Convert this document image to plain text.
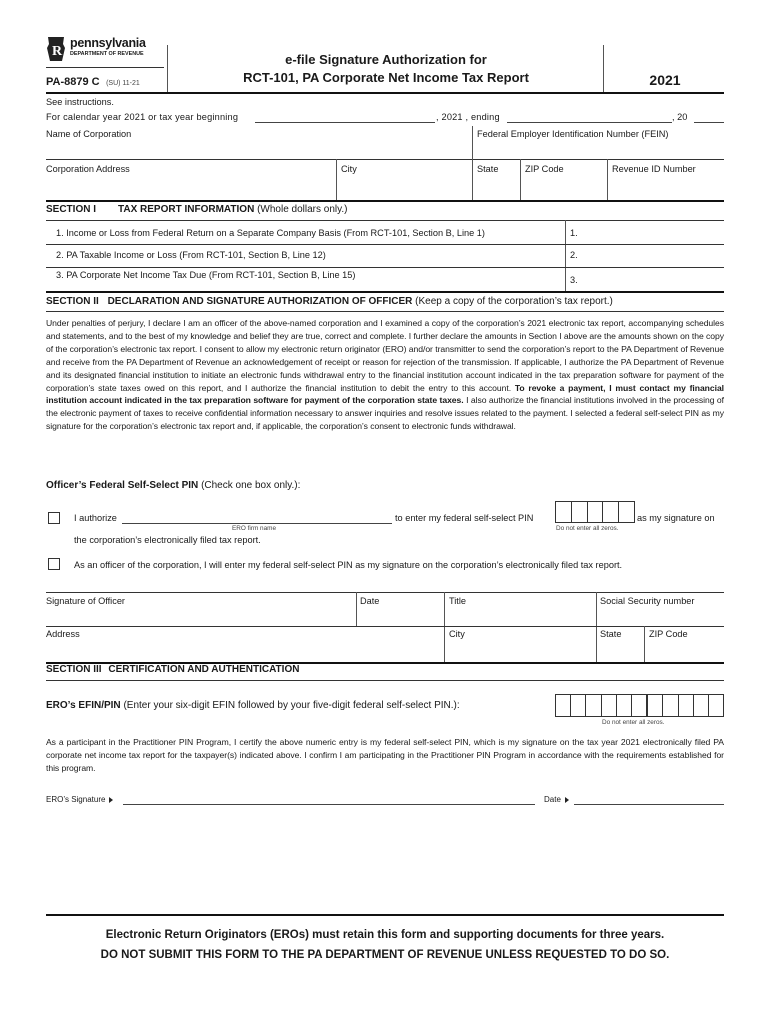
R
pennsylvania
DEPARTMENT OF REVENUE
PA-8879 C (SU) 11-21
e-file Signature Authorization for
RCT-101, PA Corporate Net Income Tax Report	2021
See instructions.
For calendar year 2021 or tax year beginning	, 2021 , ending	, 20
Name of Corporation	Federal Employer Identification Number (FEIN)
Corporation Address	City	State	ZIP Code	Revenue ID Number
SECTION I TAX REPORT INFORMATION (Whole dollars only.)
1. Income or Loss from Federal Return on a Separate Company Basis (From RCT-101, Section B, Line 1)	1.
2. PA Taxable Income or Loss (From RCT-101, Section B, Line 12)	2.
3. PA Corporate Net Income Tax Due (From RCT-101, Section B, Line 15)	3.
SECTION II DECLARATION AND SIGNATURE AUTHORIZATION OF OFFICER (Keep a copy of the corporation’s tax report.)
Under penalties of perjury, I declare I am an officer of the above-named corporation and I examined a copy of the corporation’s 2021 electronic tax report, accompanying schedules and statements, and to the best of my knowledge and belief they are true, correct and complete. I further declare the amounts in Section I above are the amounts shown on the copy of the corporation’s electronic tax report. I consent to allow my electronic return originator (ERO) and/or transmitter to send the corporation’s report to the PA Department of Revenue and receive from the PA Department of Revenue an acknowledgement of receipt or reason for rejection of the transmission. If applicable, I authorize the PA Department of Revenue and its designated financial institution to initiate an electronic funds withdrawal entry to the financial institution account indicated in the tax preparation software for payment of the corporation’s state taxes owed on this report, and I authorize the financial institution to debit the entry to this account. To revoke a payment, I must contact my financial institution account indicated in the tax preparation software for payment of the corporation state taxes. I also authorize the financial institutions involved in the processing of the electronic payment of taxes to receive confidential information necessary to answer inquiries and resolve issues related to the payment. I selected a federal self-select PIN as my signature for the corporation’s electronic tax report and, if applicable, the corporation’s consent to electronic funds withdrawal.
Officer’s Federal Self-Select PIN (Check one box only.):
I authorize
ERO firm name
to enter my federal self-select PIN
Do not enter all zeros.
as my signature on
the corporation’s electronically filed tax report.
As an officer of the corporation, I will enter my federal self-select PIN as my signature on the corporation’s electronically filed tax report.
Signature of Officer	Date	Title	Social Security number
Address	City	State	ZIP Code
SECTION III CERTIFICATION AND AUTHENTICATION
ERO’s EFIN/PIN (Enter your six-digit EFIN followed by your five-digit federal self-select PIN.):
Do not enter all zeros.
As a participant in the Practitioner PIN Program, I certify the above numeric entry is my federal self-select PIN, which is my signature on the tax year 2021 electronically filed PA corporate net income tax report for the taxpayer(s) indicated above. I confirm I am participating in the Practitioner PIN Program in accordance with the requirements established for this program.
ERO’s Signature	Date
Electronic Return Originators (EROs) must retain this form and supporting documents for three years.
DO NOT SUBMIT THIS FORM TO THE PA DEPARTMENT OF REVENUE UNLESS REQUESTED TO DO SO.
